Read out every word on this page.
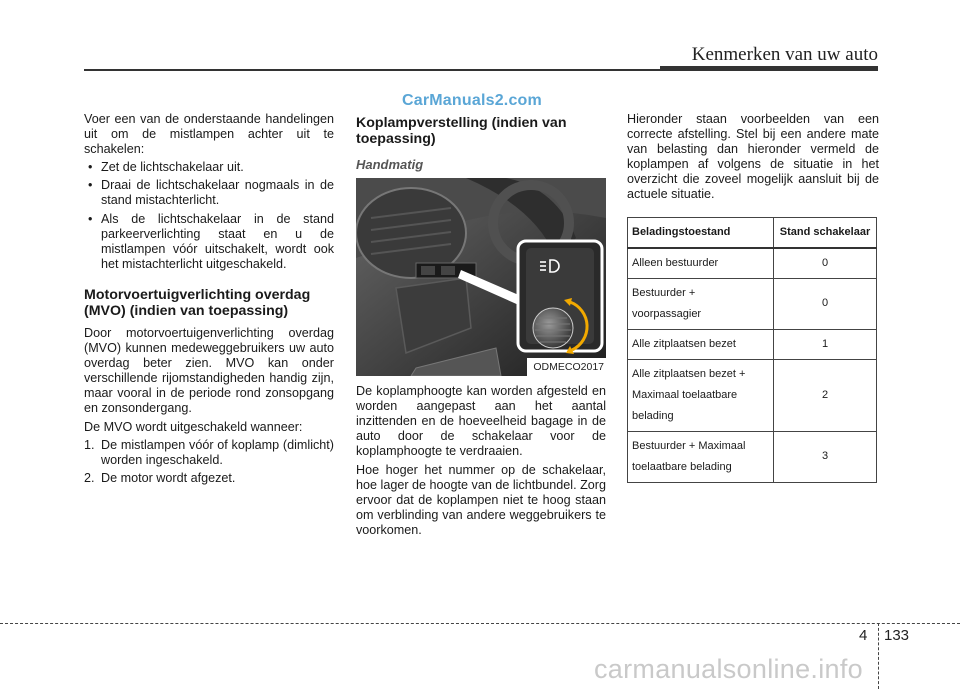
Kenmerken van uw auto
CarManuals2.com

Voer een van de onderstaande handelingen uit om de mistlampen achter uit te schakelen:

• Zet de lichtschakelaar uit.
• Draai de lichtschakelaar nogmaals in de stand mistachterlicht.
• Als de lichtschakelaar in de stand parkeerverlichting staat en u de mistlampen vóór uitschakelt, wordt ook het mistachterlicht uitgeschakeld.
Motorvoertuigverlichting overdag (MVO) (indien van toepassing)

Door motorvoertuigenverlichting overdag (MVO) kunnen medeweggebruikers uw auto overdag beter zien. MVO kan onder verschillende rijomstandigheden handig zijn, maar vooral in de periode rond zonsopgang en zonsondergang.

De MVO wordt uitgeschakeld wanneer:

1. De mistlampen vóór of koplamp (dimlicht) worden ingeschakeld.
2. De motor wordt afgezet.
Koplampverstelling (indien van toepassing)
Handmatig
ODMECO2017

De koplamphoogte kan worden afgesteld en worden aangepast aan het aantal inzittenden en de hoeveelheid bagage in de auto door de schakelaar voor de koplamphoogte te verdraaien.

Hoe hoger het nummer op de schakelaar, hoe lager de hoogte van de lichtbundel. Zorg ervoor dat de koplampen niet te hoog staan om verblinding van andere weggebruikers te voorkomen.

Hieronder staan voorbeelden van een correcte afstelling. Stel bij een andere mate van belasting dan hieronder vermeld de koplampen af volgens de situatie in het overzicht die zoveel mogelijk aansluit bij de actuele situatie.

Beladingstoestand	Stand schakelaar

Alleen bestuurder	0

Bestuurder +
voorpassagier	0

Alle zitplaatsen bezet	1

Alle zitplaatsen bezet +
Maximaal toelaatbare
belading	2

Bestuurder + Maximaal
toelaatbare belading	3
4 133
carmanualsonline.info
